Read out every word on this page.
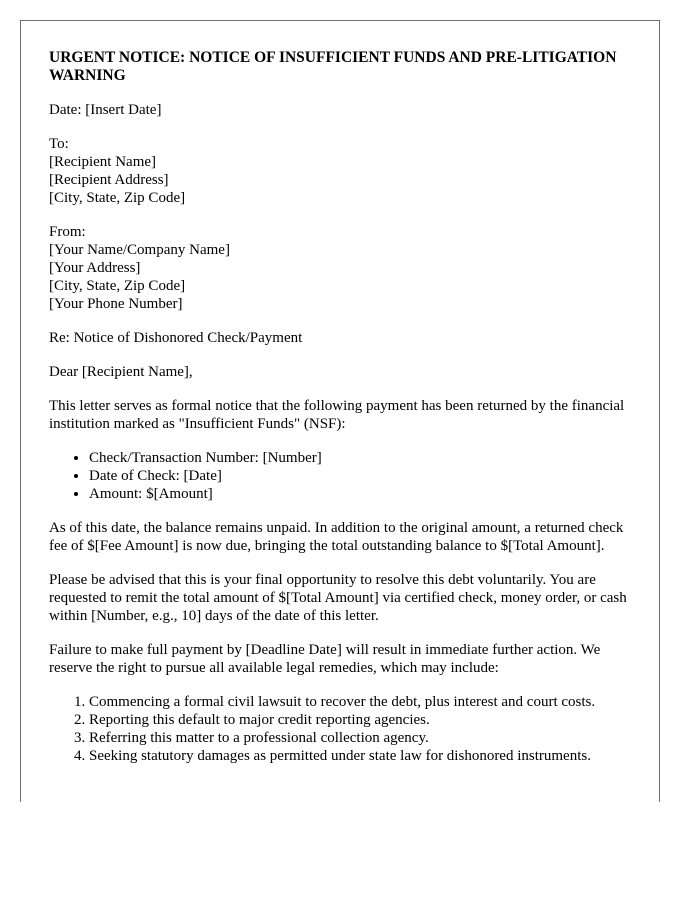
URGENT NOTICE: NOTICE OF INSUFFICIENT FUNDS AND PRE-LITIGATION WARNING
Date: [Insert Date]
To:
[Recipient Name]
[Recipient Address]
[City, State, Zip Code]
From:
[Your Name/Company Name]
[Your Address]
[City, State, Zip Code]
[Your Phone Number]
Re: Notice of Dishonored Check/Payment
Dear [Recipient Name],
This letter serves as formal notice that the following payment has been returned by the financial institution marked as "Insufficient Funds" (NSF):
• Check/Transaction Number: [Number]
• Date of Check: [Date]
• Amount: $[Amount]
As of this date, the balance remains unpaid. In addition to the original amount, a returned check fee of $[Fee Amount] is now due, bringing the total outstanding balance to $[Total Amount].
Please be advised that this is your final opportunity to resolve this debt voluntarily. You are requested to remit the total amount of $[Total Amount] via certified check, money order, or cash within [Number, e.g., 10] days of the date of this letter.
Failure to make full payment by [Deadline Date] will result in immediate further action. We reserve the right to pursue all available legal remedies, which may include:
1. Commencing a formal civil lawsuit to recover the debt, plus interest and court costs.
2. Reporting this default to major credit reporting agencies.
3. Referring this matter to a professional collection agency.
4. Seeking statutory damages as permitted under state law for dishonored instruments.
